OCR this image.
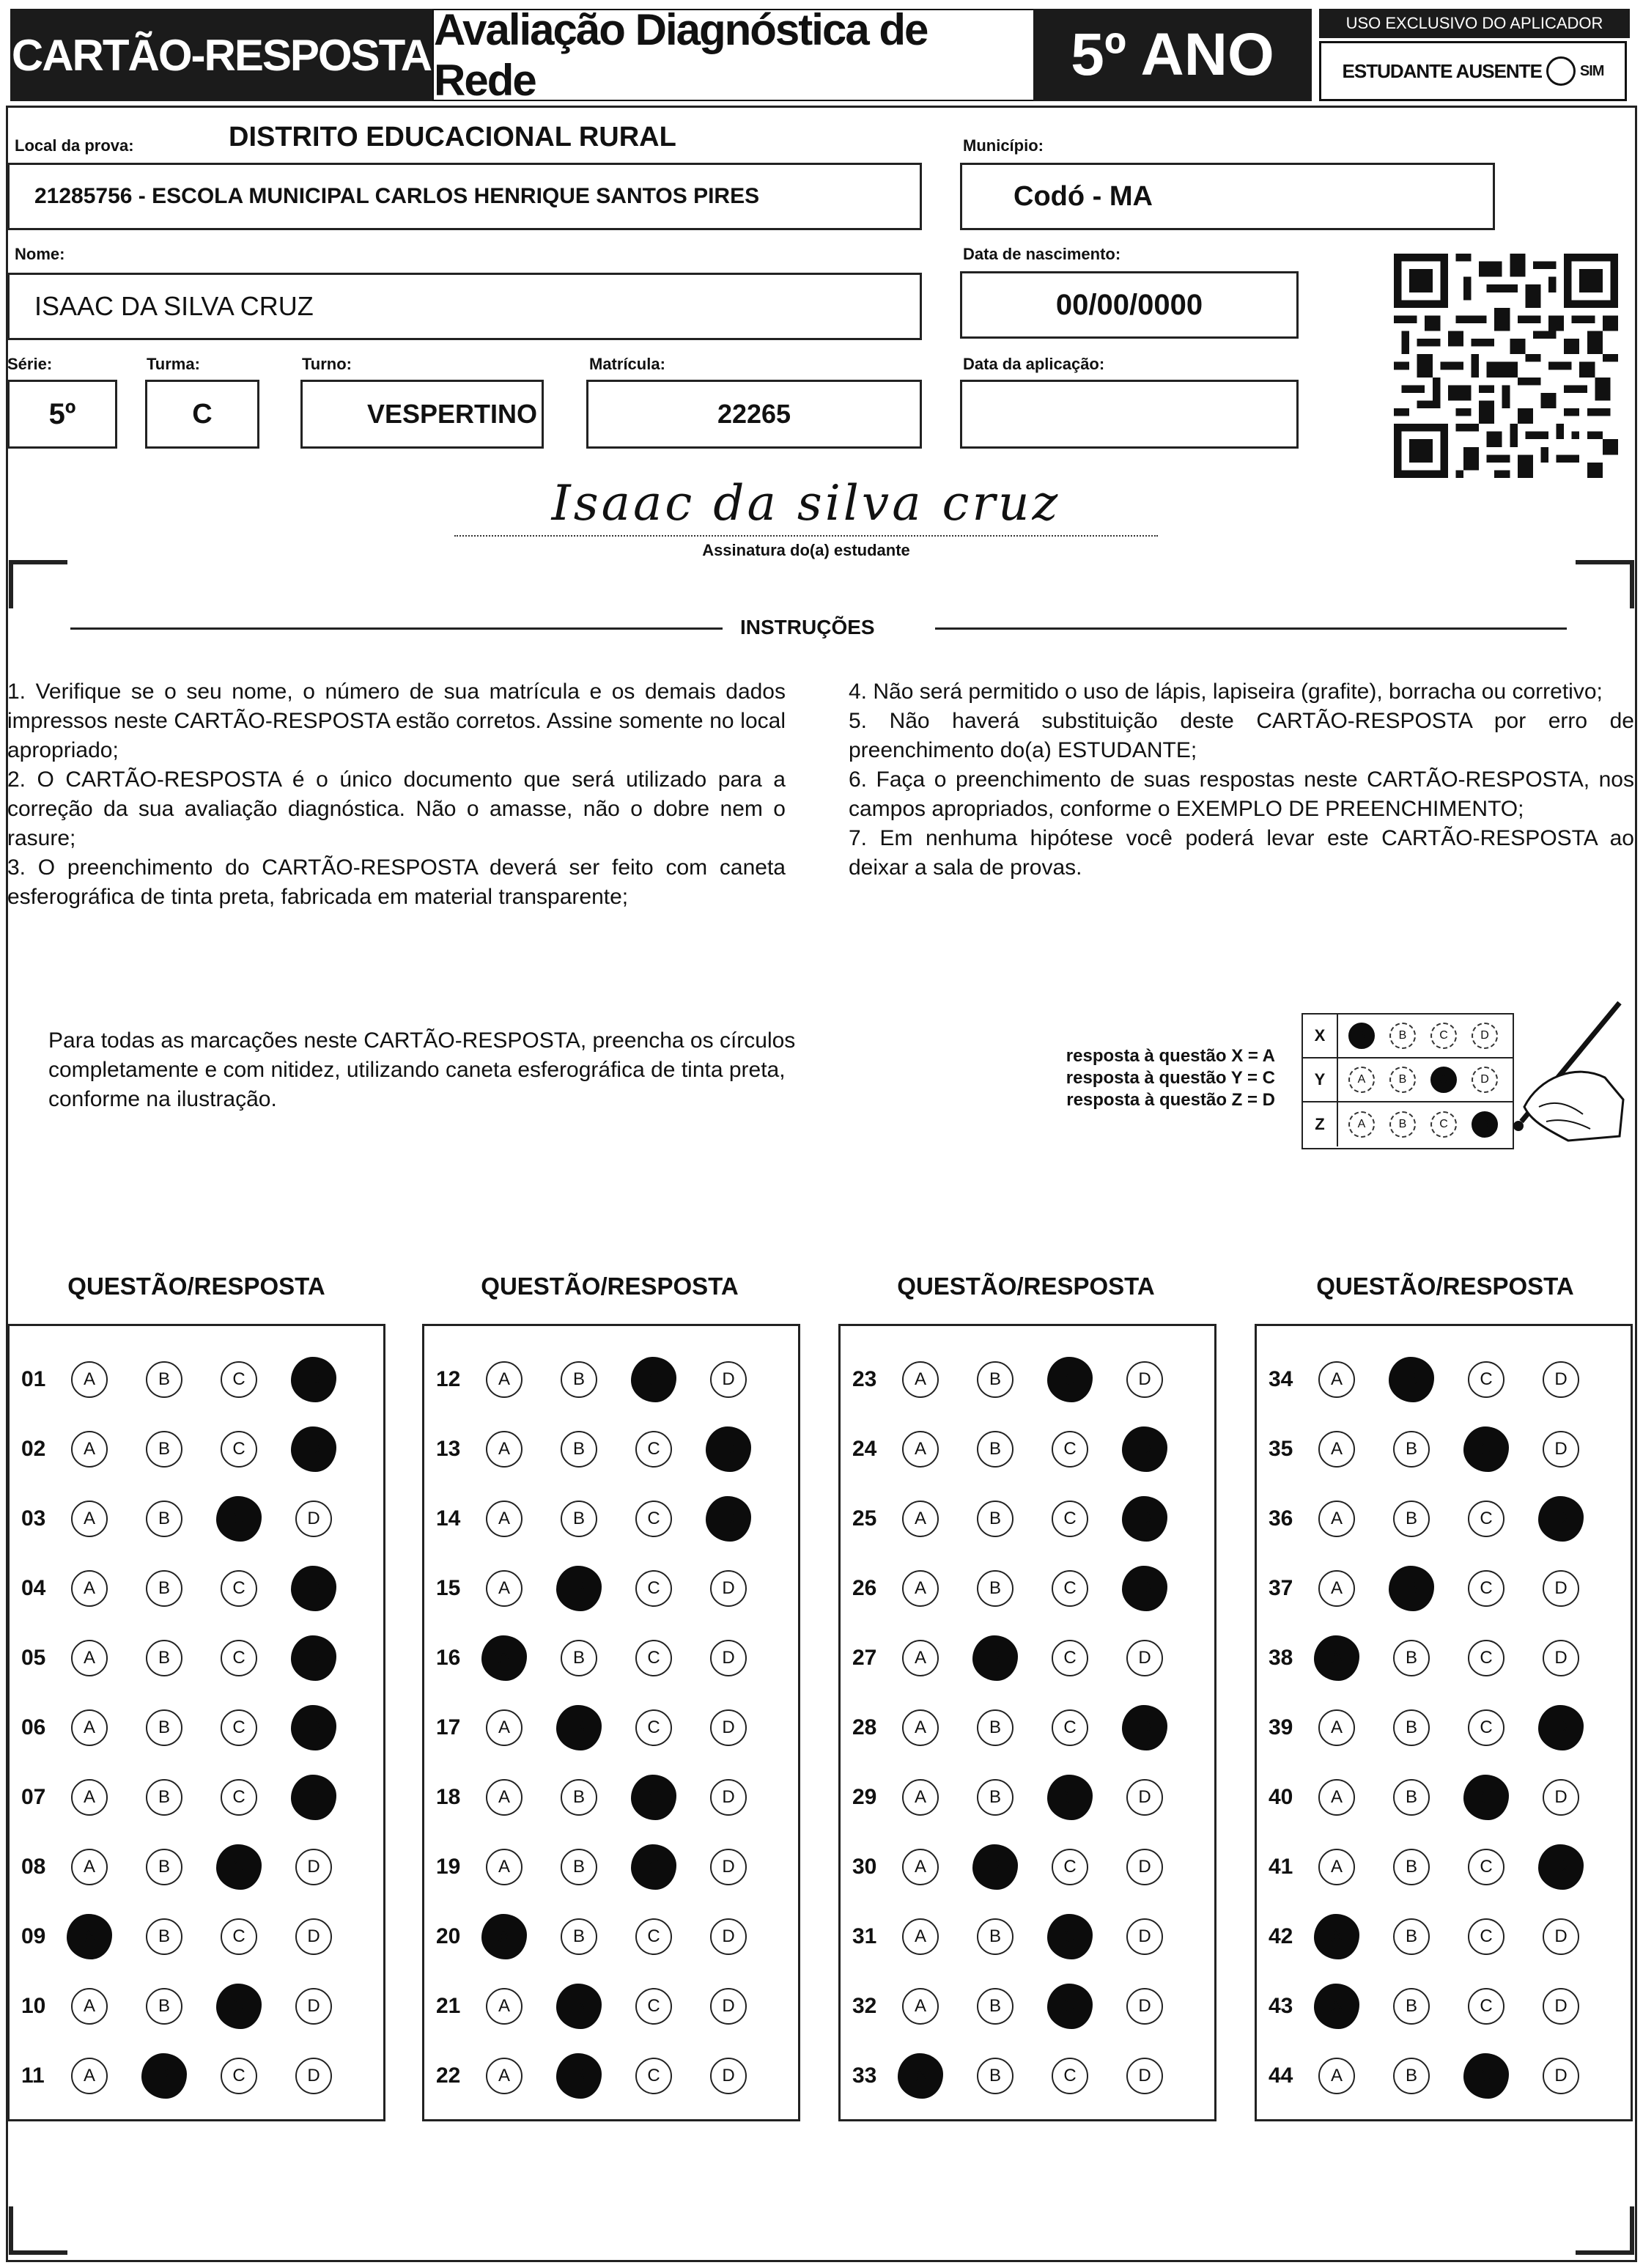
CARTÃO-RESPOSTA
Avaliação Diagnóstica de Rede	5º ANO	USO EXCLUSIVO DO APLICADOR
ESTUDANTE AUSENTE	SIM
Local da prova:	DISTRITO EDUCACIONAL RURAL
21285756 - ESCOLA MUNICIPAL CARLOS HENRIQUE SANTOS PIRES
Município:
Codó - MA
Nome:
ISAAC DA SILVA CRUZ
Data de nascimento:
00/00/0000
Série:
5º
Turma:
C
Turno:
VESPERTINO
Matrícula:
22265
Data da aplicação:
Isaac da silva cruz
Assinatura do(a) estudante
INSTRUÇÕES

1. Verifique se o seu nome, o número de sua matrícula e os demais dados impressos neste CARTÃO-RESPOSTA estão corretos. Assine somente no local apropriado;

2. O CARTÃO-RESPOSTA é o único documento que será utilizado para a correção da sua avaliação diagnóstica. Não o amasse, não o dobre nem o rasure;

3. O preenchimento do CARTÃO-RESPOSTA deverá ser feito com caneta esferográfica de tinta preta, fabricada em material transparente;

4. Não será permitido o uso de lápis, lapiseira (grafite), borracha ou corretivo;

5. Não haverá substituição deste CARTÃO-RESPOSTA por erro de preenchimento do(a) ESTUDANTE;

6. Faça o preenchimento de suas respostas neste CARTÃO-RESPOSTA, nos campos apropriados, conforme o EXEMPLO DE PREENCHIMENTO;

7. Em nenhuma hipótese você poderá levar este CARTÃO-RESPOSTA ao deixar a sala de provas.

Para todas as marcações neste CARTÃO-RESPOSTA, preencha os círculos completamente e com nitidez, utilizando caneta esferográfica de tinta preta, conforme na ilustração.
resposta à questão X = A
resposta à questão Y = C
resposta à questão Z = D
X	A	B	C	D
Y	A	B	C	D
Z	A	B	C	D
QUESTÃO/RESPOSTA
01	A	B	C	D
02	A	B	C	D
03	A	B	C	D
04	A	B	C	D
05	A	B	C	D
06	A	B	C	D
07	A	B	C	D
08	A	B	C	D
09	A	B	C	D
10	A	B	C	D
11	A	B	C	D
QUESTÃO/RESPOSTA
12	A	B	C	D
13	A	B	C	D
14	A	B	C	D
15	A	B	C	D
16	A	B	C	D
17	A	B	C	D
18	A	B	C	D
19	A	B	C	D
20	A	B	C	D
21	A	B	C	D
22	A	B	C	D
QUESTÃO/RESPOSTA
23	A	B	C	D
24	A	B	C	D
25	A	B	C	D
26	A	B	C	D
27	A	B	C	D
28	A	B	C	D
29	A	B	C	D
30	A	B	C	D
31	A	B	C	D
32	A	B	C	D
33	A	B	C	D
QUESTÃO/RESPOSTA
34	A	B	C	D
35	A	B	C	D
36	A	B	C	D
37	A	B	C	D
38	A	B	C	D
39	A	B	C	D
40	A	B	C	D
41	A	B	C	D
42	A	B	C	D
43	A	B	C	D
44	A	B	C	D
